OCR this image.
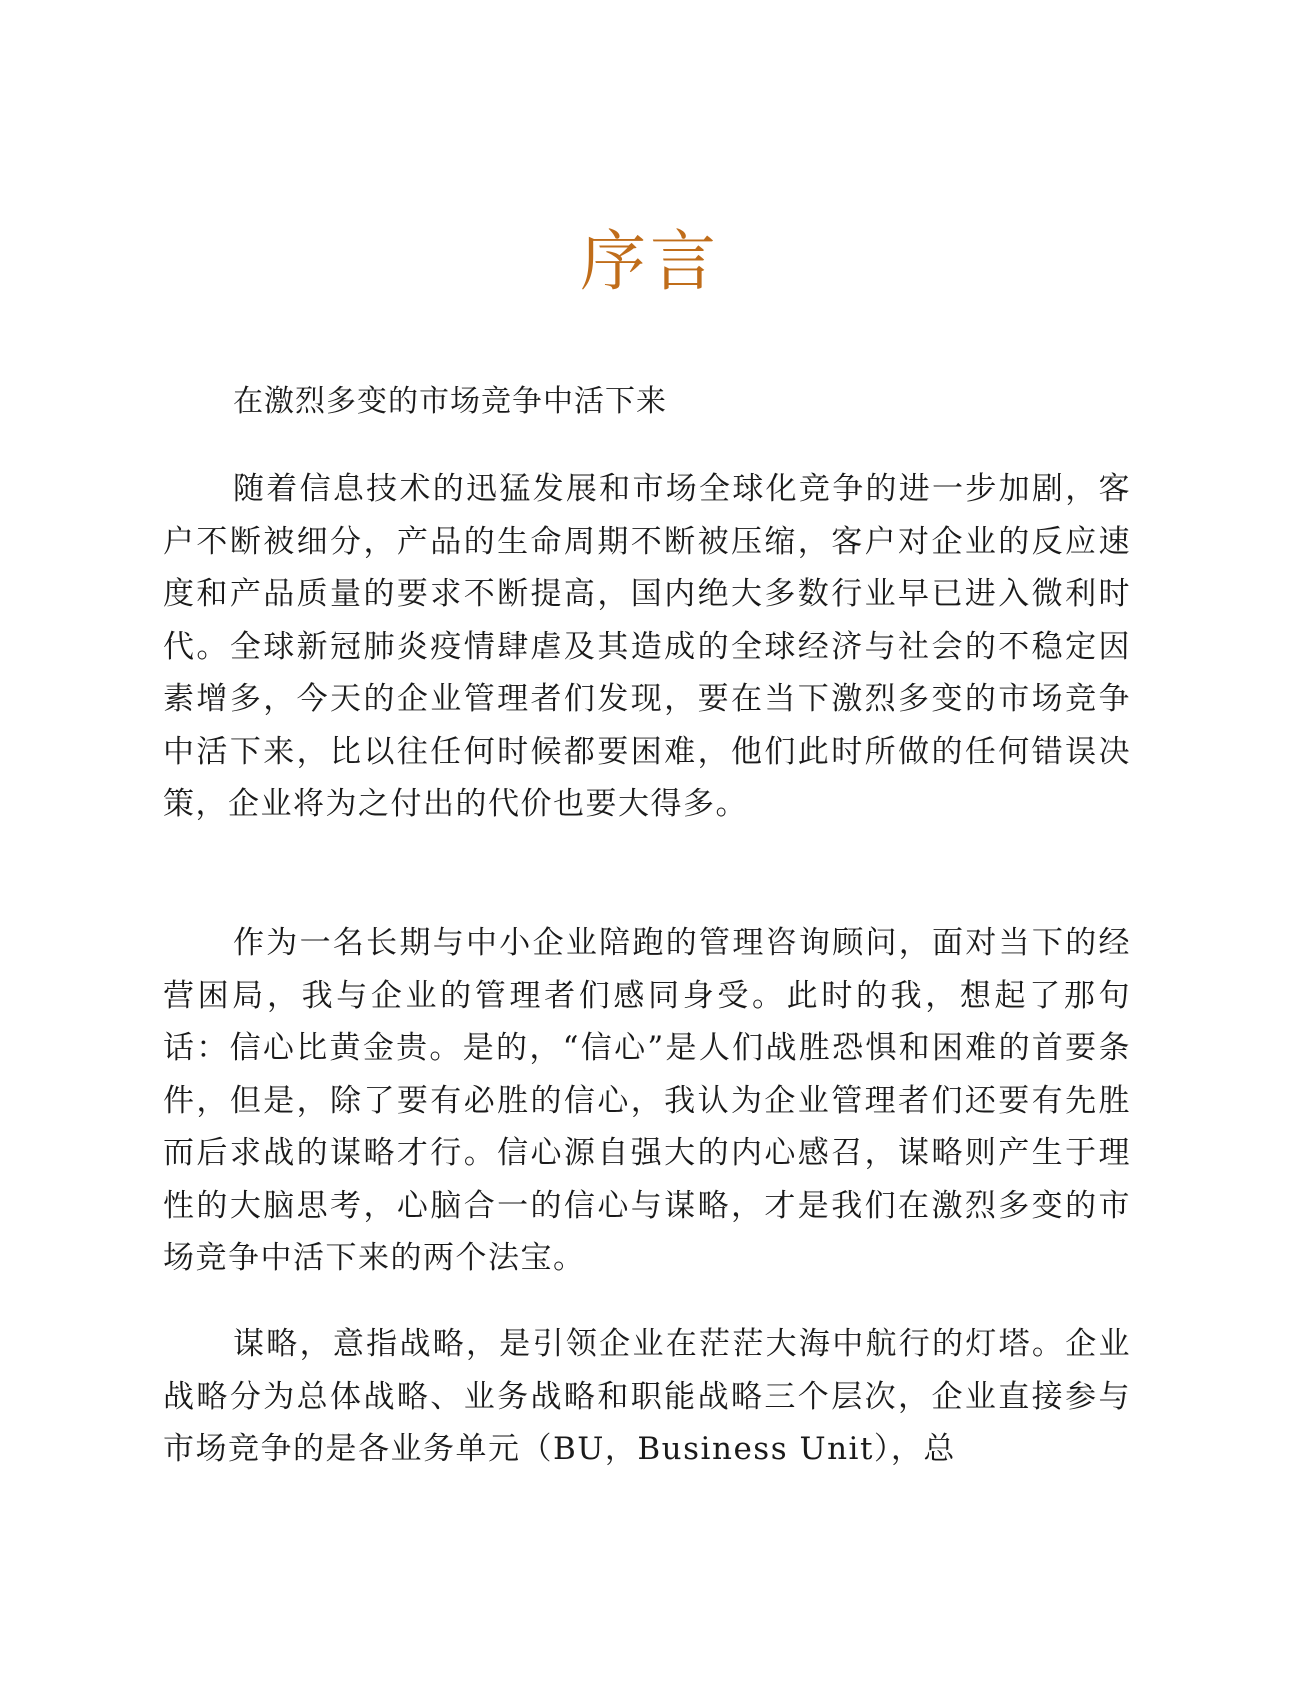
序言
在激烈多变的市场竞争中活下来

随着信息技术的迅猛发展和市场全球化竞争的进一步加剧，客户不断被细分，产品的生命周期不断被压缩，客户对企业的反应速度和产品质量的要求不断提高，国内绝大多数行业早已进入微利时代。全球新冠肺炎疫情肆虐及其造成的全球经济与社会的不稳定因素增多，今天的企业管理者们发现，要在当下激烈多变的市场竞争中活下来，比以往任何时候都要困难，他们此时所做的任何错误决策，企业将为之付出的代价也要大得多。

作为一名长期与中小企业陪跑的管理咨询顾问，面对当下的经营困局，我与企业的管理者们感同身受。此时的我，想起了那句话：信心比黄金贵。是的，“信心”是人们战胜恐惧和困难的首要条件，但是，除了要有必胜的信心，我认为企业管理者们还要有先胜而后求战的谋略才行。信心源自强大的内心感召，谋略则产生于理性的大脑思考，心脑合一的信心与谋略，才是我们在激烈多变的市场竞争中活下来的两个法宝。

谋略，意指战略，是引领企业在茫茫大海中航行的灯塔。企业战略分为总体战略、业务战略和职能战略三个层次，企业直接参与市场竞争的是各业务单元（BU，Business Unit），总
